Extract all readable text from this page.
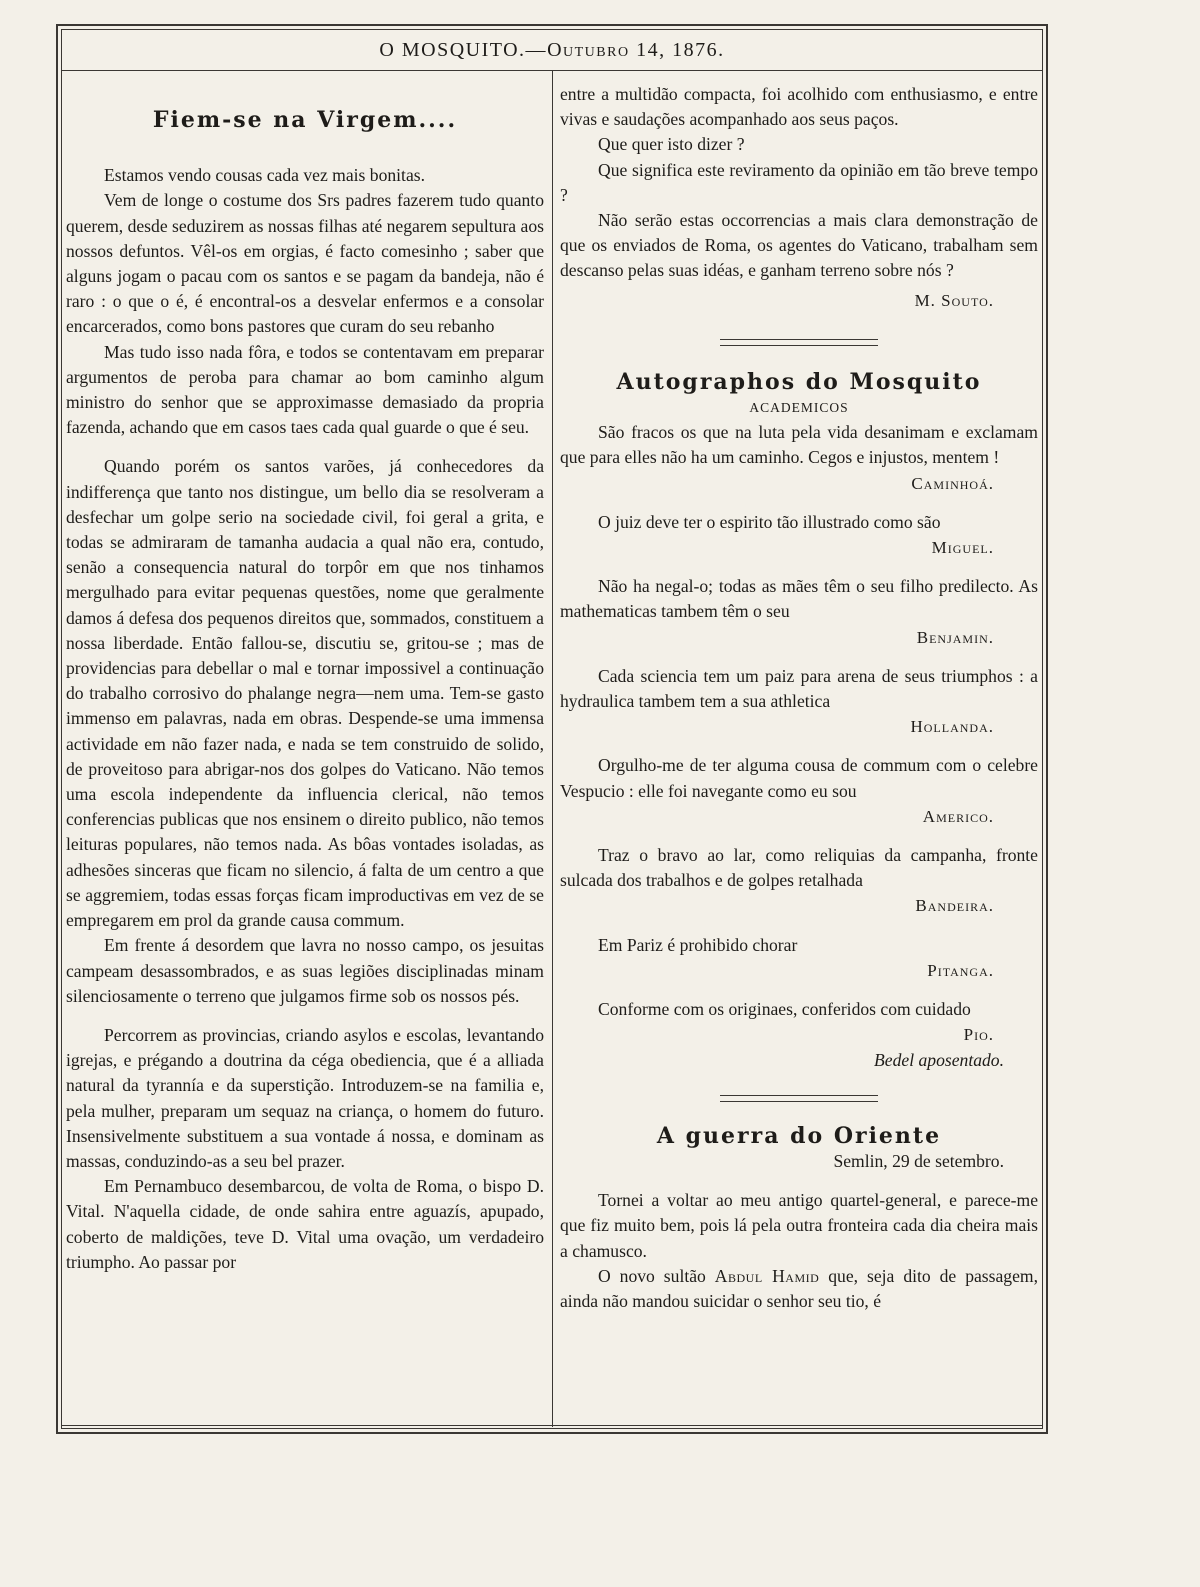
O MOSQUITO.—Outubro 14, 1876.

Fiem-se na Virgem....

Estamos vendo cousas cada vez mais bonitas.

Vem de longe o costume dos Srs padres fazerem tudo quanto querem, desde seduzirem as nossas filhas até negarem sepultura aos nossos defuntos. Vêl-os em orgias, é facto comesinho ; saber que alguns jogam o pacau com os santos e se pagam da bandeja, não é raro : o que o é, é encontral-os a desvelar enfermos e a consolar encarcerados, como bons pastores que curam do seu rebanho

Mas tudo isso nada fôra, e todos se contentavam em preparar argumentos de peroba para chamar ao bom caminho algum ministro do senhor que se approximasse demasiado da propria fazenda, achando que em casos taes cada qual guarde o que é seu.

Quando porém os santos varões, já conhecedores da indifferença que tanto nos distingue, um bello dia se resolveram a desfechar um golpe serio na sociedade civil, foi geral a grita, e todas se admiraram de tamanha audacia a qual não era, contudo, senão a consequencia natural do torpôr em que nos tinhamos mergulhado para evitar pequenas questões, nome que geralmente damos á defesa dos pequenos direitos que, sommados, constituem a nossa liberdade. Então fallou-se, discutiu se, gritou-se ; mas de providencias para debellar o mal e tornar impossivel a continuação do trabalho corrosivo do phalange negra—nem uma. Tem-se gasto immenso em palavras, nada em obras. Despende-se uma immensa actividade em não fazer nada, e nada se tem construido de solido, de proveitoso para abrigar-nos dos golpes do Vaticano. Não temos uma escola independente da influencia clerical, não temos conferencias publicas que nos ensinem o direito publico, não temos leituras populares, não temos nada. As bôas vontades isoladas, as adhesões sinceras que ficam no silencio, á falta de um centro a que se aggremiem, todas essas forças ficam improductivas em vez de se empregarem em prol da grande causa commum.

Em frente á desordem que lavra no nosso campo, os jesuitas campeam desassombrados, e as suas legiões disciplinadas minam silenciosamente o terreno que julgamos firme sob os nossos pés.

Percorrem as provincias, criando asylos e escolas, levantando igrejas, e prégando a doutrina da céga obediencia, que é a alliada natural da tyrannía e da superstição. Introduzem-se na familia e, pela mulher, preparam um sequaz na criança, o homem do futuro. Insensivelmente substituem a sua vontade á nossa, e dominam as massas, conduzindo-as a seu bel prazer.

Em Pernambuco desembarcou, de volta de Roma, o bispo D. Vital. N'aquella cidade, de onde sahira entre aguazís, apupado, coberto de maldições, teve D. Vital uma ovação, um verdadeiro triumpho. Ao passar por

entre a multidão compacta, foi acolhido com enthusiasmo, e entre vivas e saudações acompanhado aos seus paços.

Que quer isto dizer ?

Que significa este reviramento da opinião em tão breve tempo ?

Não serão estas occorrencias a mais clara demonstração de que os enviados de Roma, os agentes do Vaticano, trabalham sem descanso pelas suas idéas, e ganham terreno sobre nós ?

M. Souto.

Autographos do Mosquito

ACADEMICOS

São fracos os que na luta pela vida desanimam e exclamam que para elles não ha um caminho. Cegos e injustos, mentem !

Caminhoá.

O juiz deve ter o espirito tão illustrado como são

Miguel.

Não ha negal-o; todas as mães têm o seu filho predilecto. As mathematicas tambem têm o seu

Benjamin.

Cada sciencia tem um paiz para arena de seus triumphos : a hydraulica tambem tem a sua athletica

Hollanda.

Orgulho-me de ter alguma cousa de commum com o celebre Vespucio : elle foi navegante como eu sou

Americo.

Traz o bravo ao lar, como reliquias da campanha, fronte sulcada dos trabalhos e de golpes retalhada

Bandeira.

Em Pariz é prohibido chorar

Pitanga.

Conforme com os originaes, conferidos com cuidado

Pio.

Bedel aposentado.

A guerra do Oriente

Semlin, 29 de setembro.

Tornei a voltar ao meu antigo quartel-general, e parece-me que fiz muito bem, pois lá pela outra fronteira cada dia cheira mais a chamusco.

O novo sultão Abdul Hamid que, seja dito de passagem, ainda não mandou suicidar o senhor seu tio, é
